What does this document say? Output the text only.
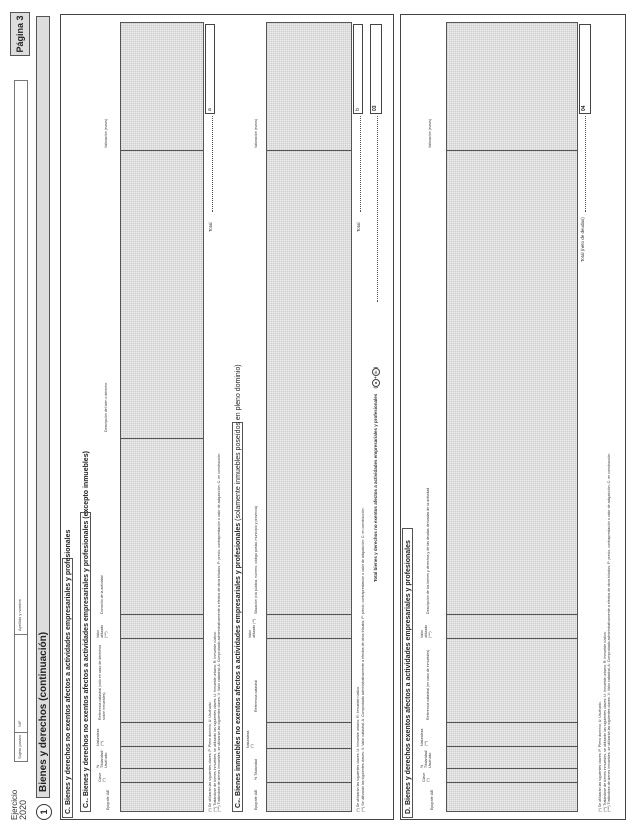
Ejercicio 2020
Sujeto pasivo
NIF
Apellido y nombre
Página 3
1
Bienes y derechos (continuación)	C. Bienes y derechos no exentos afectos a actividades empresariales y profesionales	C₁. Bienes y derechos no exentos afectos a actividades empresariales y profesionales (excepto inmuebles)	Epígrafe IAE
Clave (*)
% Titularidad/ Usufructo
Naturaleza (**)
Referencia catastral (sólo en caso de derechos sobre inmuebles)
Valor utilizado (***)
Domicilio de la actividad
Descripción del bien o derecho
Valoración (euros)
(*) Se utilizarán las siguientes claves: P: Pleno dominio; U: Usufructo. (**) Tratándose de bienes inmuebles, se utilizarán las siguientes claves: U: Inmueble urbano; R: Inmueble rústico. (***) Tratándose de bienes inmuebles, se utilizarán las siguientes claves: V: Valor catastral; A: Comprobado administrativamente a efectos de otros tributos; P: precio, contraprestación o valor de adquisición; C: en construcción.
Total
a
C₂. Bienes inmuebles no exentos afectos a actividades empresariales y profesionales (solamente inmuebles poseídos en pleno dominio)
Epígrafe IAE
% Titularidad
Naturaleza (*)
Referencia catastral
Valor utilizado (**)
Situación (vía pública, número, código postal, municipio y provincia)
Valoración (euros)
(*) Se utilizarán las siguientes claves: U: Inmueble urbano; R: Inmueble rústico. (**) Se utilizarán las siguientes claves: V: Valor catastral; A: Comprobado administrativamente a efectos de otros tributos; P: precio, contraprestación o valor de adquisición; C: en construcción.
Total
b
Total bienes y derechos no exentos afectos a actividades empresariales y profesionales (a+b)
03
D. Bienes y derechos exentos afectos a actividades empresariales y profesionales	Epígrafe IAE
Clave (*)
% Titularidad/ Usufructo
Naturaleza (**)
Referencia catastral (en caso de inmuebles)
Valor utilizado (***)
Descripción de los bienes y derechos y de las deudas derivadas de la actividad
Valoración (euros)
Total (neto de deudas)
04
(*) Se utilizarán las siguientes claves: P: Pleno dominio; U: Usufructo. (**) Tratándose de bienes inmuebles, se utilizarán las siguientes claves: U: Inmueble urbano; R: Inmueble rústico. (***) Tratándose de bienes inmuebles, se utilizarán las siguientes claves: V: Valor catastral; A: Comprobado administrativamente a efectos de otros tributos; P: precio, contraprestación o valor de adquisición; C: en construcción.
